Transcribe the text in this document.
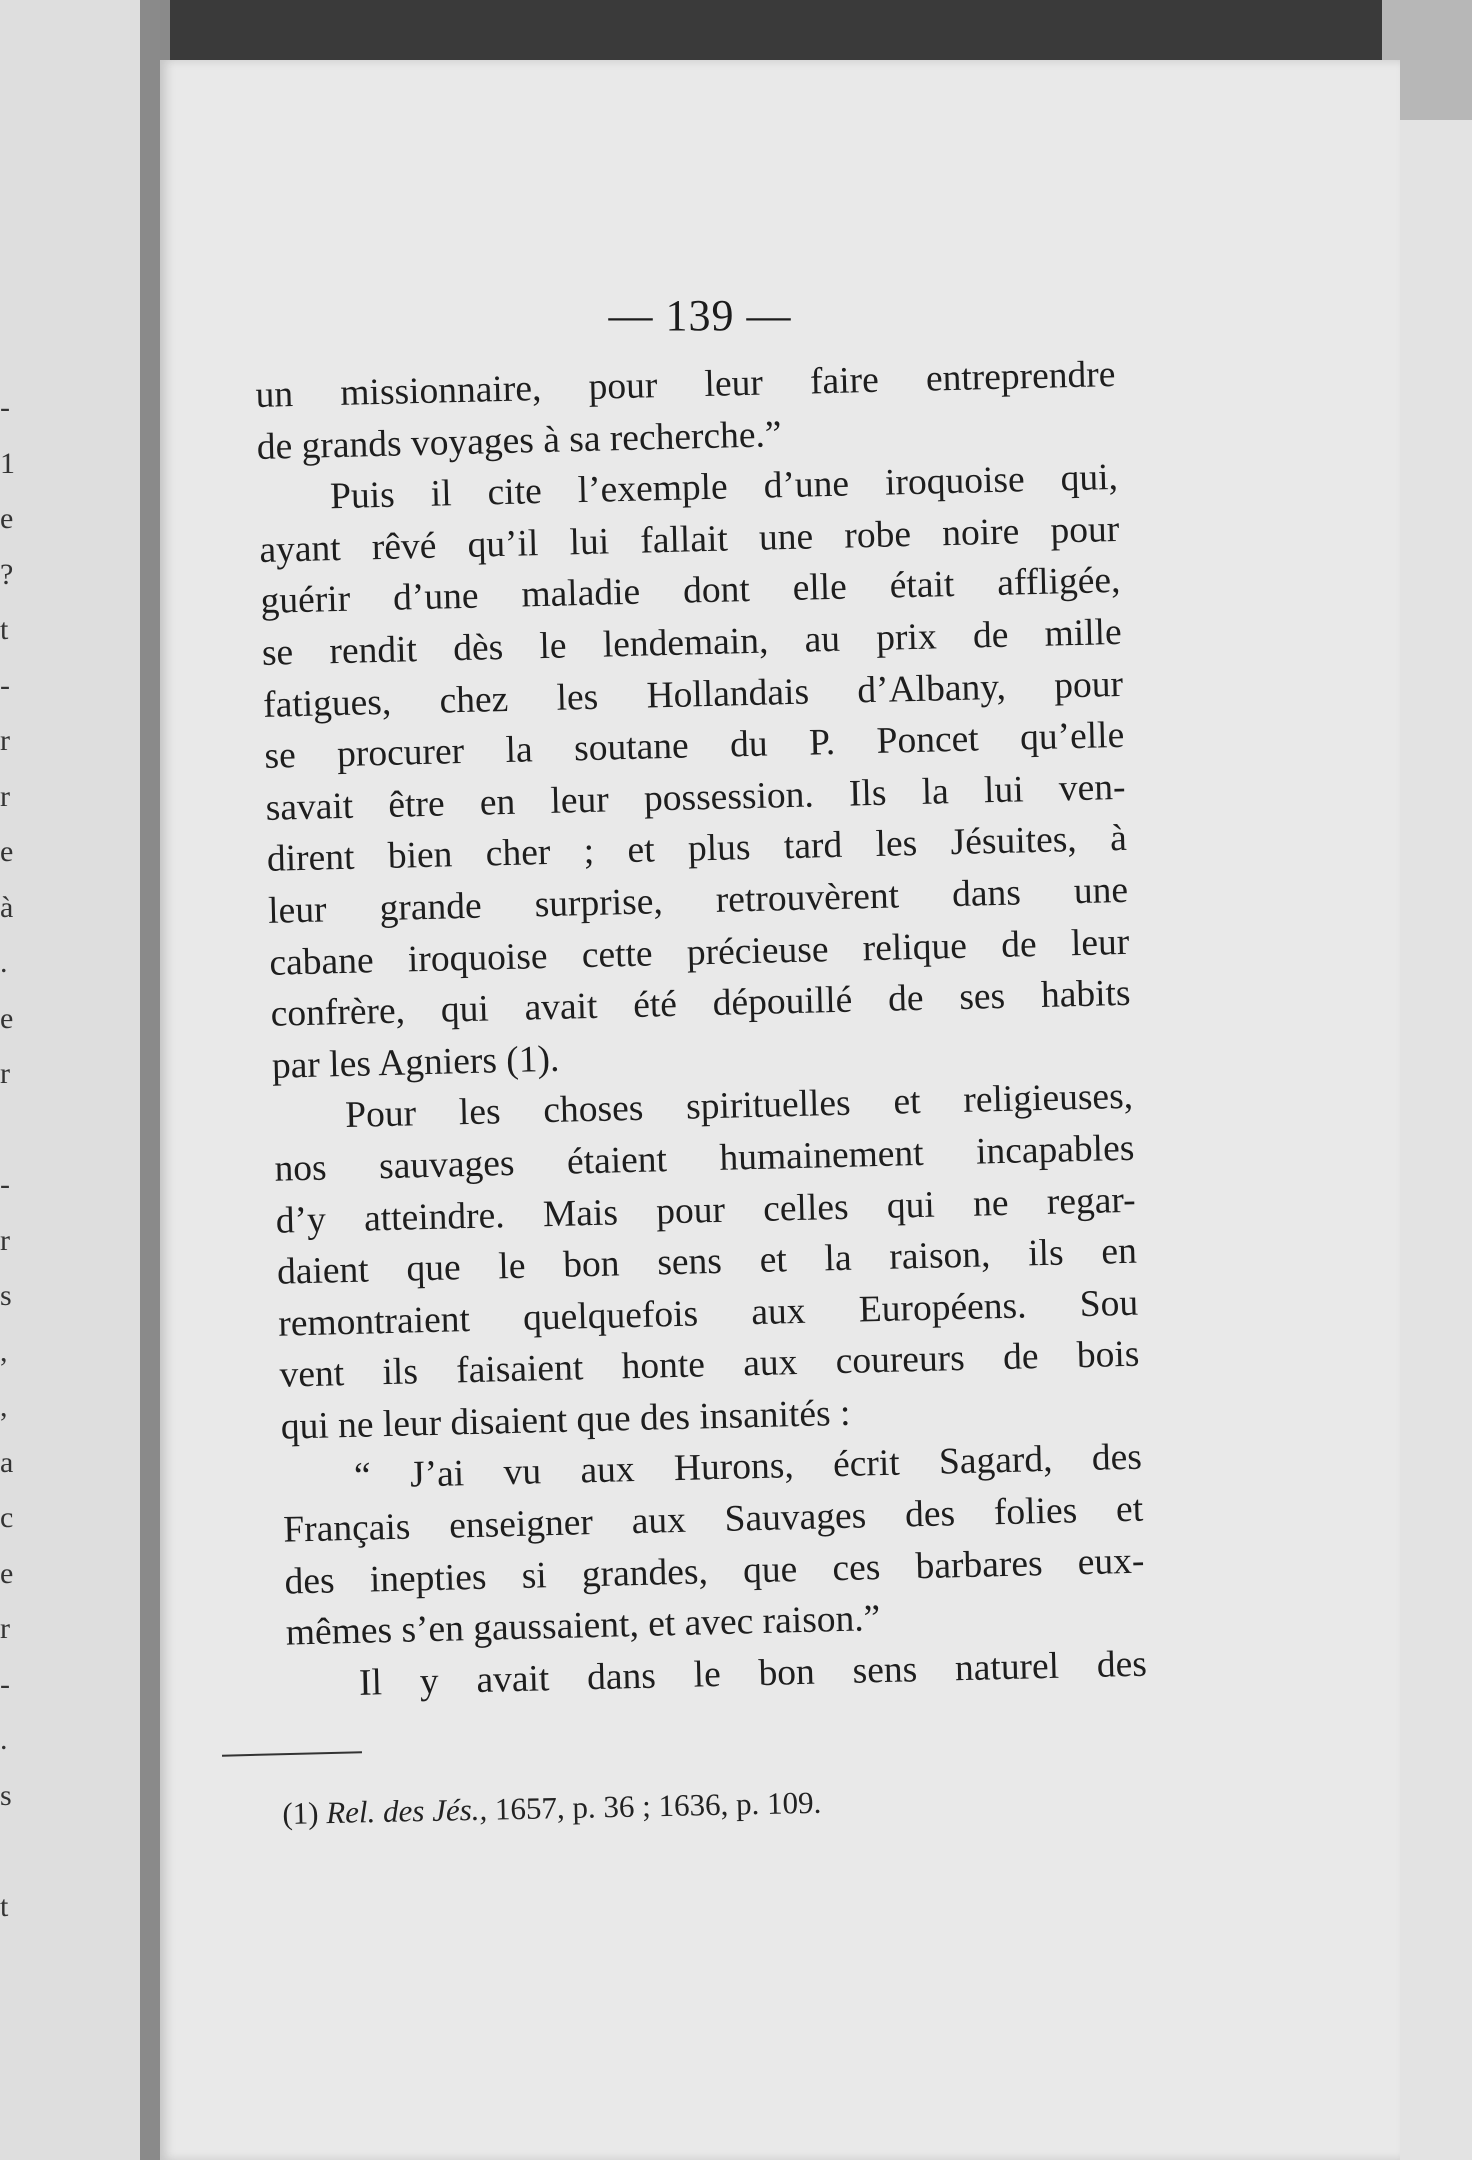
-
1
e
?
t
-
r
r
e
à
.
e
r
-
r
s
,
,
a
c
e
r
-
.
s
t
— 139 —
un missionnaire, pour leur faire entreprendre
de grands voyages à sa recherche.”
Puis il cite l’exemple d’une iroquoise qui,
ayant rêvé qu’il lui fallait une robe noire pour
guérir d’une maladie dont elle était affligée,
se rendit dès le lendemain, au prix de mille
fatigues, chez les Hollandais d’Albany, pour
se procurer la soutane du P. Poncet qu’elle
savait être en leur possession. Ils la lui ven-
dirent bien cher ; et plus tard les Jésuites, à
leur grande surprise, retrouvèrent dans une
cabane iroquoise cette précieuse relique de leur
confrère, qui avait été dépouillé de ses habits
par les Agniers (1).
Pour les choses spirituelles et religieuses,
nos sauvages étaient humainement incapables
d’y atteindre. Mais pour celles qui ne regar-
daient que le bon sens et la raison, ils en
remontraient quelquefois aux Européens. Sou
vent ils faisaient honte aux coureurs de bois
qui ne leur disaient que des insanités :
“ J’ai vu aux Hurons, écrit Sagard, des
Français enseigner aux Sauvages des folies et
des inepties si grandes, que ces barbares eux-
mêmes s’en gaussaient, et avec raison.”
Il y avait dans le bon sens naturel des
(1) Rel. des Jés., 1657, p. 36 ; 1636, p. 109.
